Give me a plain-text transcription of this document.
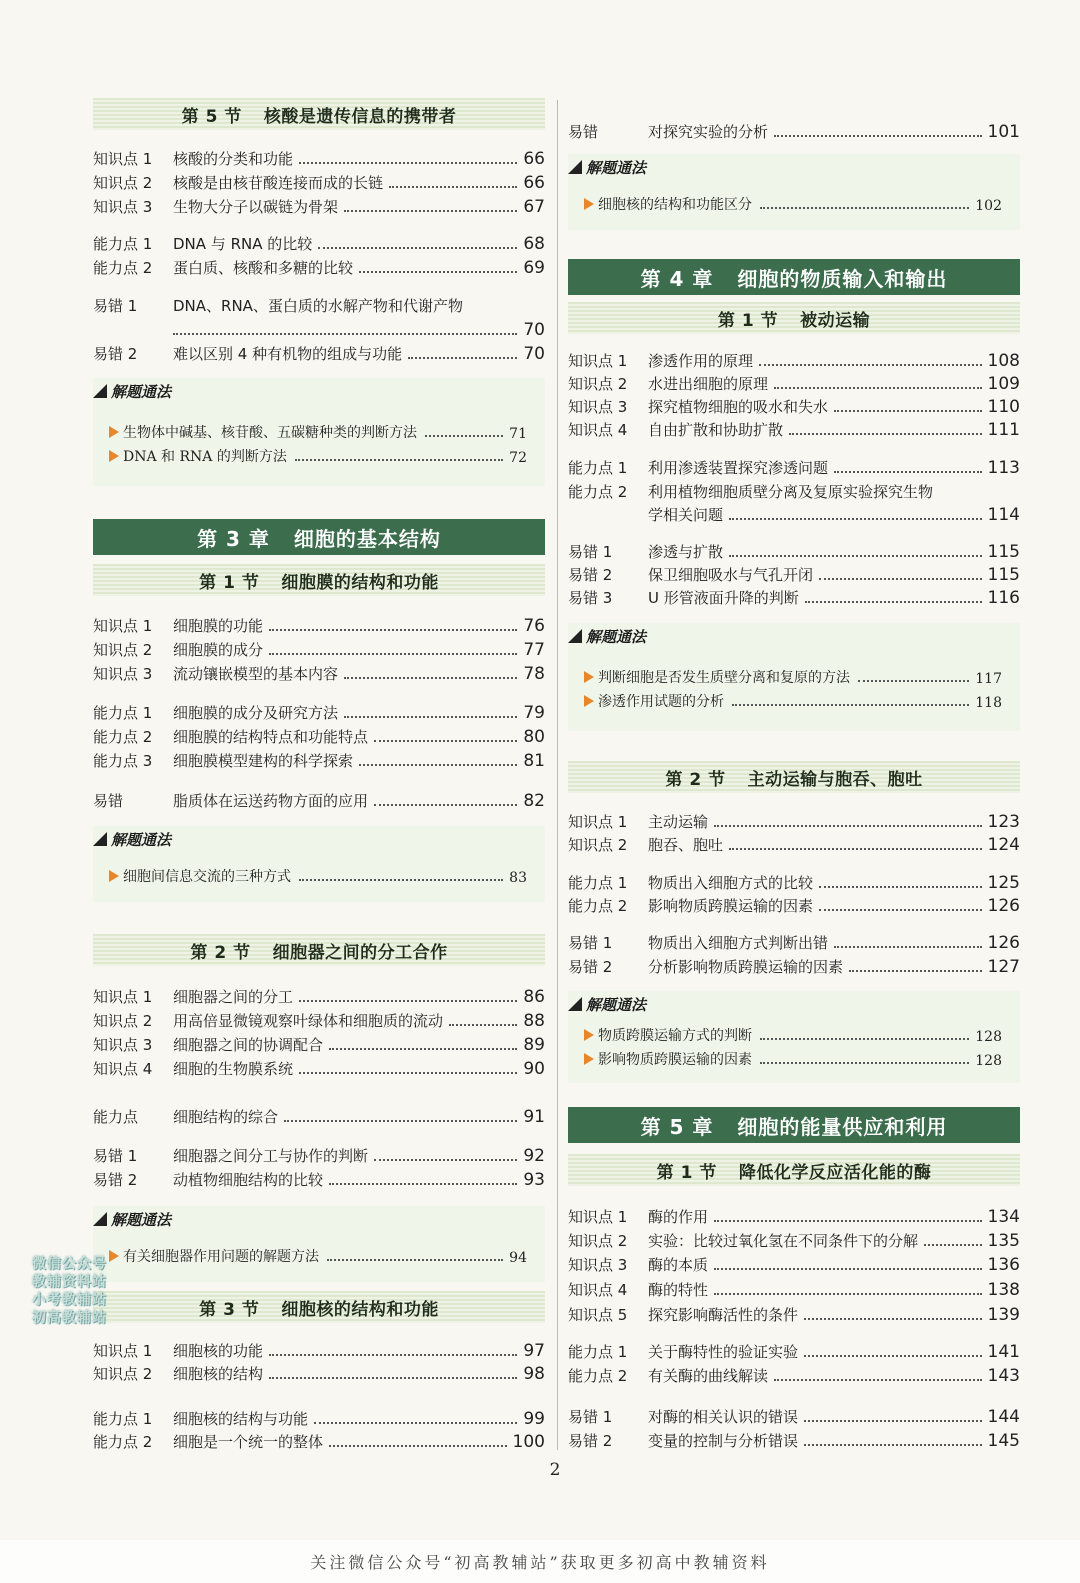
第 5 节 核酸是遗传信息的携带者
知识点 1	核酸的分类和功能	66
知识点 2	核酸是由核苷酸连接而成的长链	66
知识点 3	生物大分子以碳链为骨架	67
能力点 1	DNA 与 RNA 的比较	68
能力点 2	蛋白质、核酸和多糖的比较	69
易错 1	DNA、RNA、蛋白质的水解产物和代谢产物
70
易错 2	难以区别 4 种有机物的组成与功能	70
解题通法
生物体中碱基、核苷酸、五碳糖种类的判断方法	71
DNA 和 RNA 的判断方法	72
第 3 章 细胞的基本结构
第 1 节 细胞膜的结构和功能
知识点 1	细胞膜的功能	76
知识点 2	细胞膜的成分	77
知识点 3	流动镶嵌模型的基本内容	78
能力点 1	细胞膜的成分及研究方法	79
能力点 2	细胞膜的结构特点和功能特点	80
能力点 3	细胞膜模型建构的科学探索	81
易错	脂质体在运送药物方面的应用	82
解题通法
细胞间信息交流的三种方式	83
第 2 节 细胞器之间的分工合作
知识点 1	细胞器之间的分工	86
知识点 2	用高倍显微镜观察叶绿体和细胞质的流动	88
知识点 3	细胞器之间的协调配合	89
知识点 4	细胞的生物膜系统	90
能力点	细胞结构的综合	91
易错 1	细胞器之间分工与协作的判断	92
易错 2	动植物细胞结构的比较	93
解题通法
有关细胞器作用问题的解题方法	94
第 3 节 细胞核的结构和功能
知识点 1	细胞核的功能	97
知识点 2	细胞核的结构	98
能力点 1	细胞核的结构与功能	99
能力点 2	细胞是一个统一的整体	100
易错	对探究实验的分析	101
解题通法
细胞核的结构和功能区分	102
第 4 章 细胞的物质输入和输出
第 1 节 被动运输
知识点 1	渗透作用的原理	108
知识点 2	水进出细胞的原理	109
知识点 3	探究植物细胞的吸水和失水	110
知识点 4	自由扩散和协助扩散	111
能力点 1	利用渗透装置探究渗透问题	113
能力点 2	利用植物细胞质壁分离及复原实验探究生物
学相关问题	114
易错 1	渗透与扩散	115
易错 2	保卫细胞吸水与气孔开闭	115
易错 3	U 形管液面升降的判断	116
解题通法
判断细胞是否发生质壁分离和复原的方法	117
渗透作用试题的分析	118
第 2 节 主动运输与胞吞、胞吐
知识点 1	主动运输	123
知识点 2	胞吞、胞吐	124
能力点 1	物质出入细胞方式的比较	125
能力点 2	影响物质跨膜运输的因素	126
易错 1	物质出入细胞方式判断出错	126
易错 2	分析影响物质跨膜运输的因素	127
解题通法
物质跨膜运输方式的判断	128
影响物质跨膜运输的因素	128
第 5 章 细胞的能量供应和利用
第 1 节 降低化学反应活化能的酶
知识点 1	酶的作用	134
知识点 2	实验：比较过氧化氢在不同条件下的分解	135
知识点 3	酶的本质	136
知识点 4	酶的特性	138
知识点 5	探究影响酶活性的条件	139
能力点 1	关于酶特性的验证实验	141
能力点 2	有关酶的曲线解读	143
易错 1	对酶的相关认识的错误	144
易错 2	变量的控制与分析错误	145
微信公众号
教辅资料站
小考教辅站
初高教辅站
2
关注微信公众号“初高教辅站”获取更多初高中教辅资料
